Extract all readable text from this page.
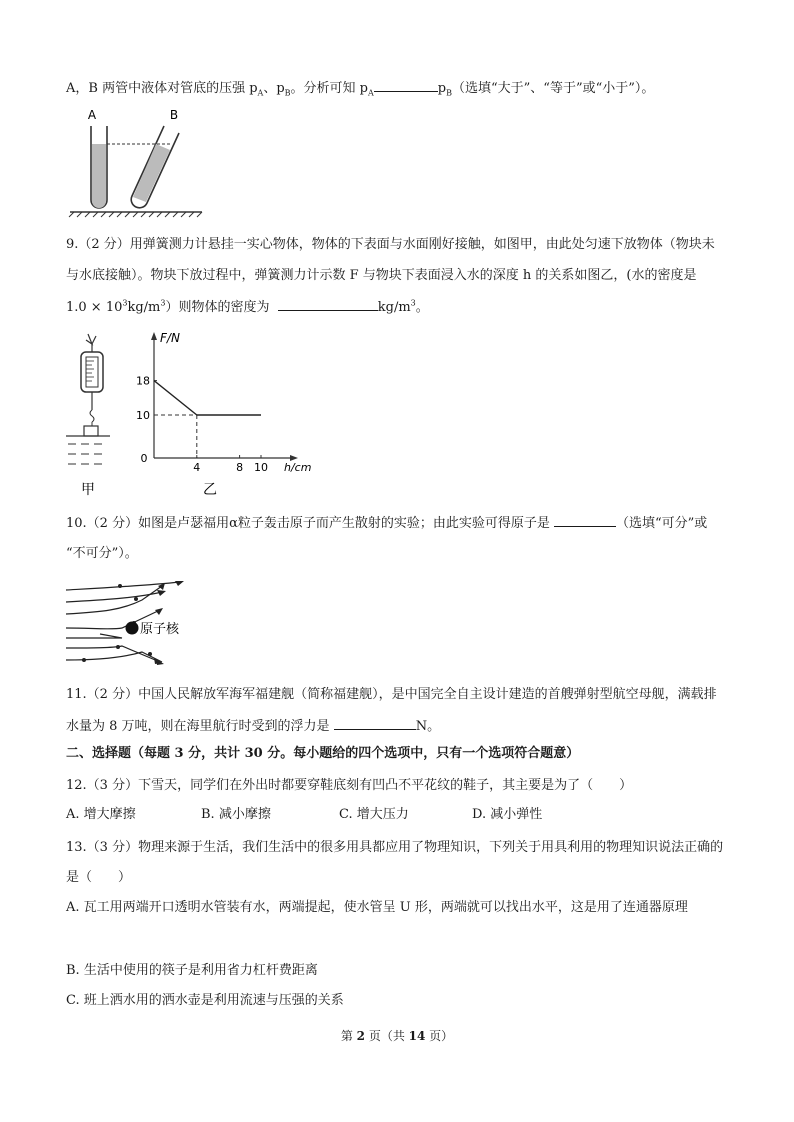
A，B 两管中液体对管底的压强 $p_A$、$p_B$。分析可知 $p_A$	$p_B$（选填“大于”、“等于”或“小于”）。
A	B
9.（2 分）用弹簧测力计悬挂一实心物体，物体的下表面与水面刚好接触，如图甲，由此处匀速下放物体（物块未
与水底接触）。物块下放过程中，弹簧测力计示数 F 与物块下表面浸入水的深度 h 的关系如图乙，(水的密度是
$1.0 \times 10^3kg/m^3$）则物体的密度为	$kg/m^3$。
甲
F/N
h/cm
0
4	8 10
18
10
乙
10.（2 分）如图是卢瑟福用α粒子轰击原子而产生散射的实验；由此实验可得原子是	（选填“可分”或
“不可分”）。
原子核
11.（2 分）中国人民解放军海军福建舰（简称福建舰），是中国完全自主设计建造的首艘弹射型航空母舰，满载排
水量为 8 万吨，则在海里航行时受到的浮力是	N。
二、选择题（每题 3 分，共计 30 分。每小题给的四个选项中，只有一个选项符合题意）
12.（3 分）下雪天，同学们在外出时都要穿鞋底刻有凹凸不平花纹的鞋子，其主要是为了（　　）
A. 增大摩擦	B. 减小摩擦	C. 增大压力	D. 减小弹性
13.（3 分）物理来源于生活，我们生活中的很多用具都应用了物理知识，下列关于用具利用的物理知识说法正确的
是（　　）
A. 瓦工用两端开口透明水管装有水，两端提起，使水管呈 U 形，两端就可以找出水平，这是用了连通器原理
B. 生活中使用的筷子是利用省力杠杆费距离
C. 班上洒水用的洒水壶是利用流速与压强的关系
第 2 页（共 14 页）
